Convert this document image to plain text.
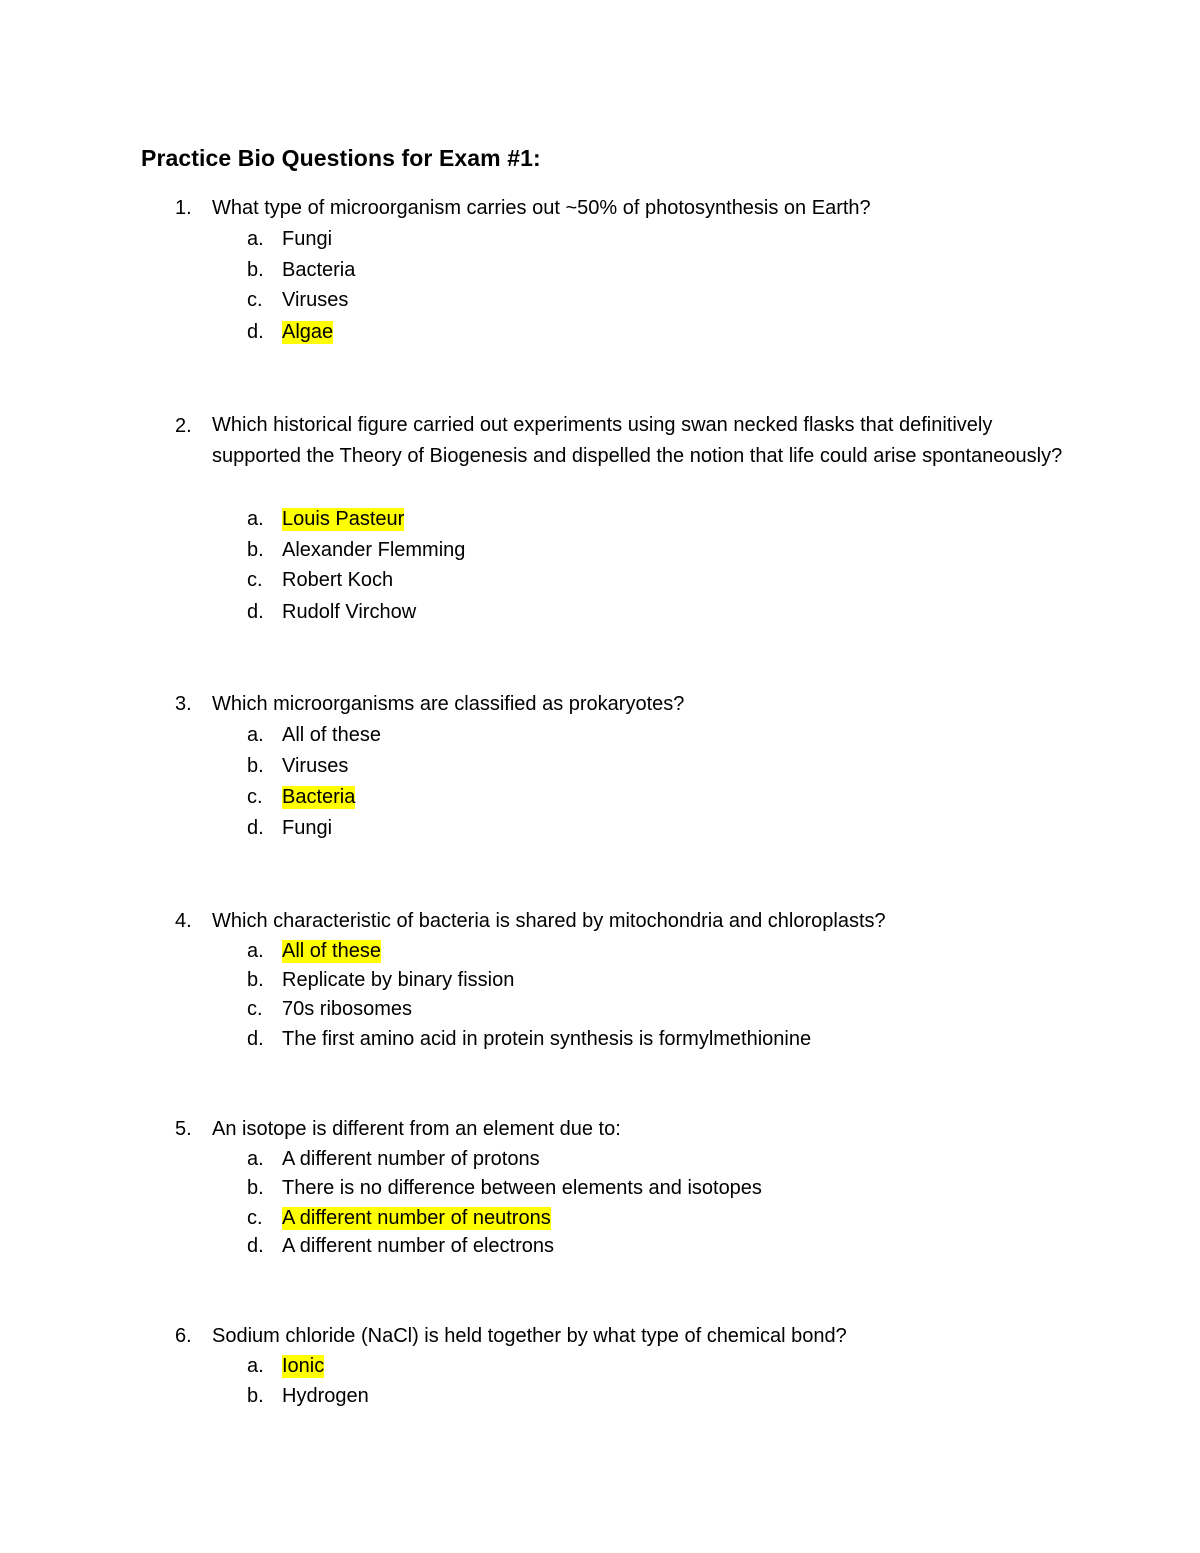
Practice Bio Questions for Exam #1:
1. What type of microorganism carries out ~50% of photosynthesis on Earth?
a. Fungi
b. Bacteria
c. Viruses
d. Algae
2. Which historical figure carried out experiments using swan necked flasks that definitively supported the Theory of Biogenesis and dispelled the notion that life could arise spontaneously?
a. Louis Pasteur
b. Alexander Flemming
c. Robert Koch
d. Rudolf Virchow
3. Which microorganisms are classified as prokaryotes?
a. All of these
b. Viruses
c. Bacteria
d. Fungi
4. Which characteristic of bacteria is shared by mitochondria and chloroplasts?
a. All of these
b. Replicate by binary fission
c. 70s ribosomes
d. The first amino acid in protein synthesis is formylmethionine
5. An isotope is different from an element due to:
a. A different number of protons
b. There is no difference between elements and isotopes
c. A different number of neutrons
d. A different number of electrons
6. Sodium chloride (NaCl) is held together by what type of chemical bond?
a. Ionic
b. Hydrogen
